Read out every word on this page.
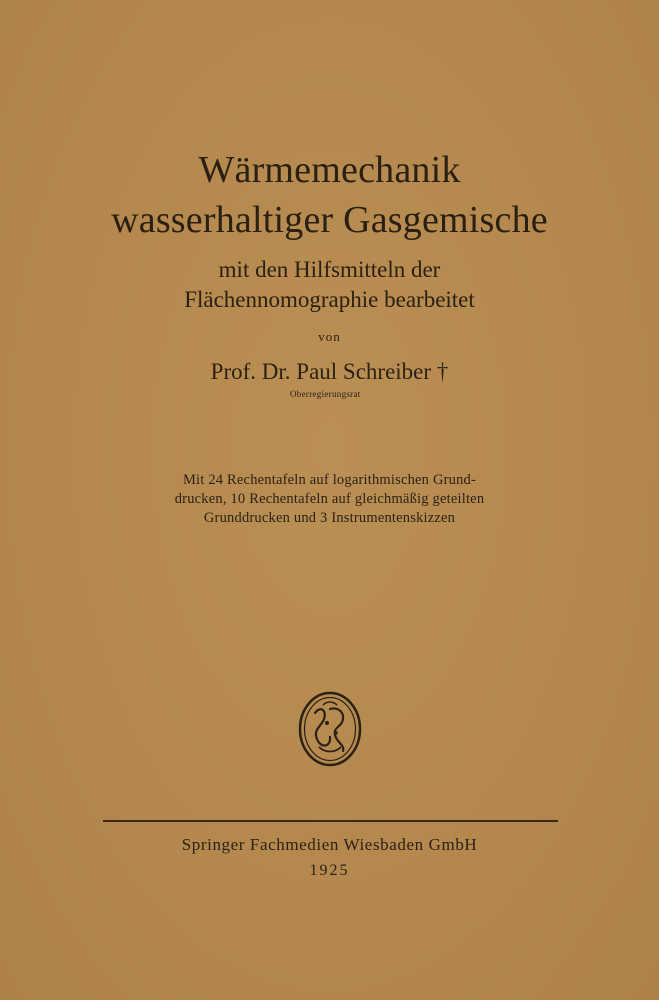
Wärmemechanik
wasserhaltiger Gasgemische
mit den Hilfsmitteln der
Flächennomographie bearbeitet
von
Prof. Dr. Paul Schreiber †
Oberregierungsrat
Mit 24 Rechentafeln auf logarithmischen Grund-
drucken, 10 Rechentafeln auf gleichmäßig geteilten
Grunddrucken und 3 Instrumentenskizzen
Springer Fachmedien Wiesbaden GmbH
1925
